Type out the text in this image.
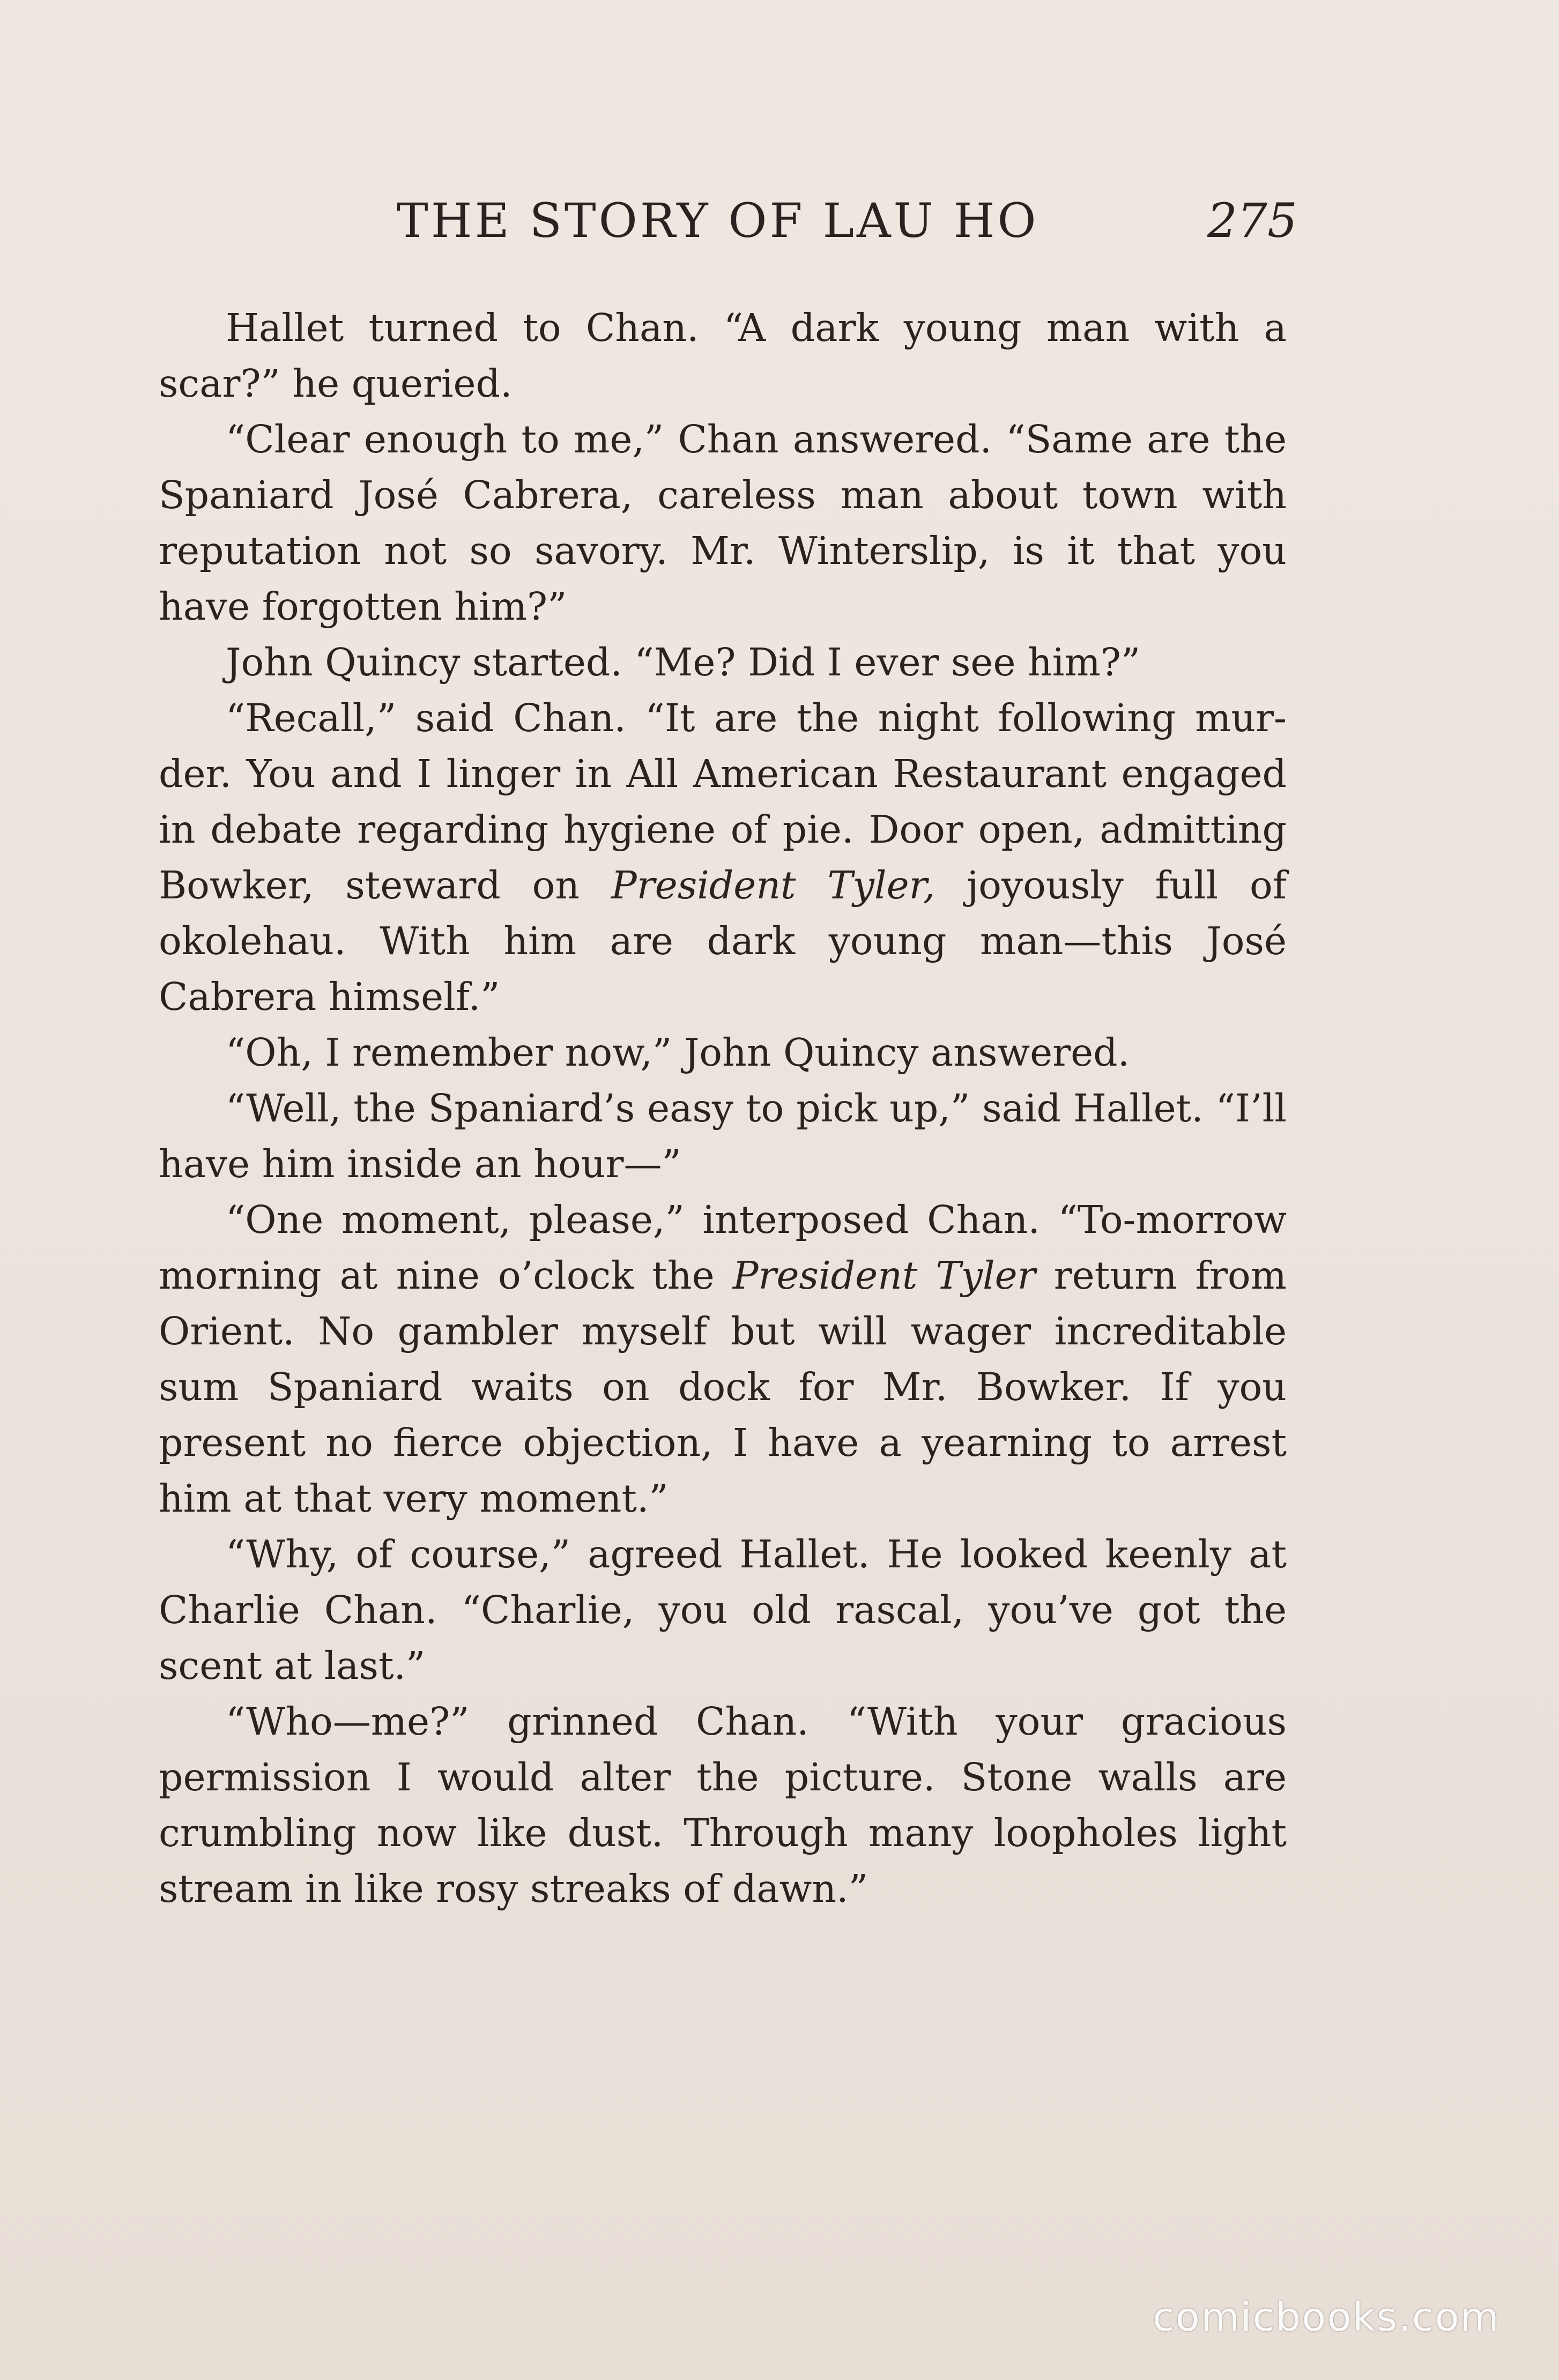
THE STORY OF LAU HO	275

Hallet turned to Chan. “A dark young man with a scar?” he queried.

“Clear enough to me,” Chan answered. “Same are the Spaniard José Cabrera, careless man about town with reputation not so savory. Mr. Winterslip, is it that you have forgotten him?”

John Quincy started. “Me? Did I ever see him?”

“Recall,” said Chan. “It are the night following murder. You and I linger in All American Restaurant engaged in debate regarding hygiene of pie. Door open, admitting Bowker, steward on President Tyler, joyously full of okolehau. With him are dark young man—this José Cabrera himself.”

“Oh, I remember now,” John Quincy answered.

“Well, the Spaniard’s easy to pick up,” said Hallet. “I’ll have him inside an hour—”

“One moment, please,” interposed Chan. “To-morrow morning at nine o’clock the President Tyler return from Orient. No gambler myself but will wager increditable sum Spaniard waits on dock for Mr. Bowker. If you present no fierce objection, I have a yearning to arrest him at that very moment.”

“Why, of course,” agreed Hallet. He looked keenly at Charlie Chan. “Charlie, you old rascal, you’ve got the scent at last.”

“Who—me?” grinned Chan. “With your gracious permission I would alter the picture. Stone walls are crumbling now like dust. Through many loopholes light stream in like rosy streaks of dawn.”

comicbooks.com
